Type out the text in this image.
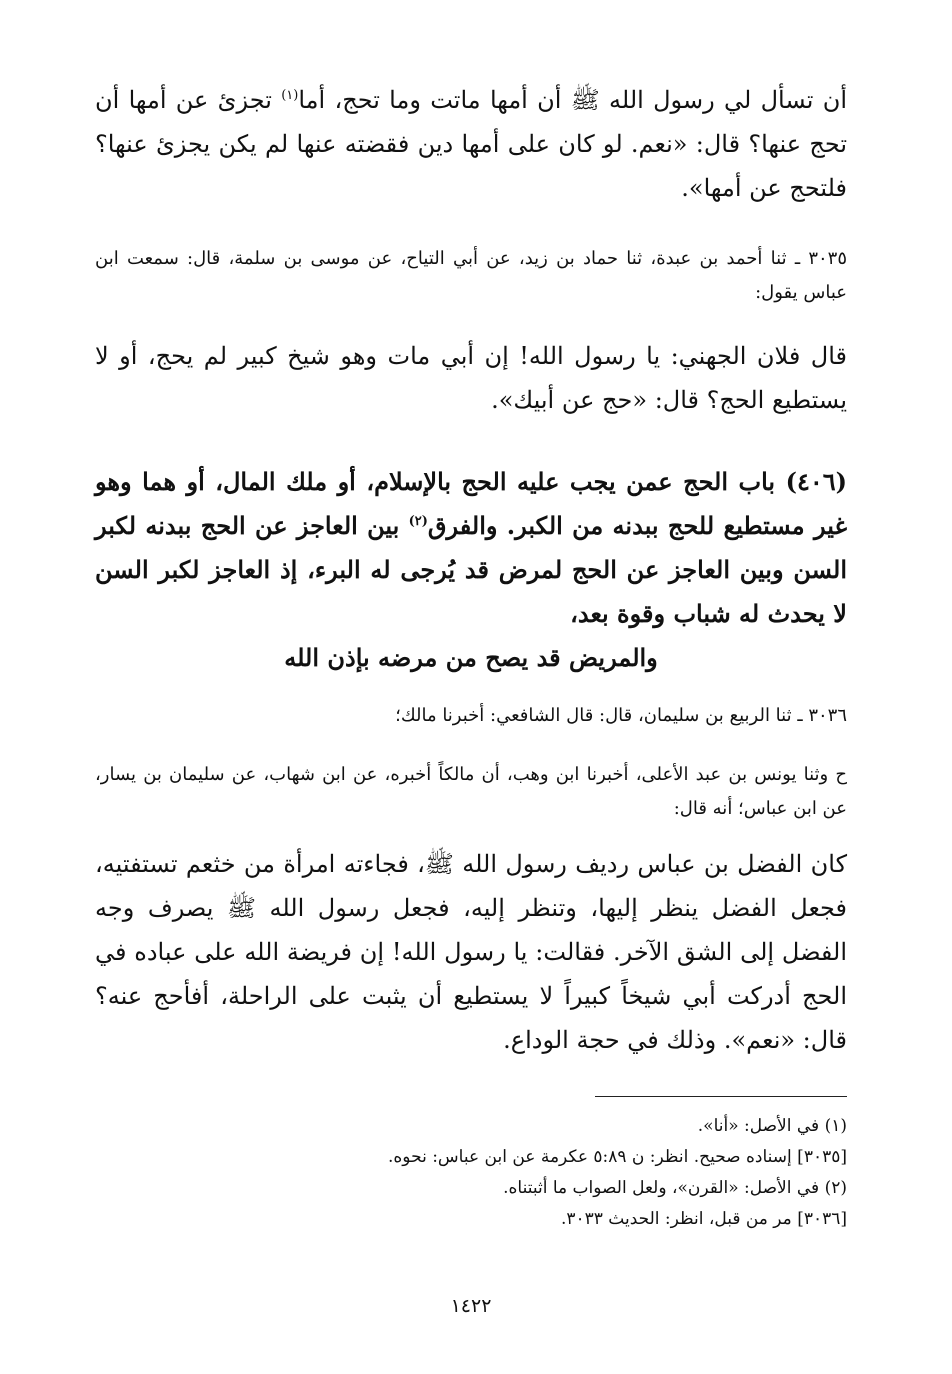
أن تسأل لي رسول الله ﷺ أن أمها ماتت وما تحج، أما$^{(١)}$ تجزئ عن أمها أن تحج عنها؟ قال: «نعم. لو كان على أمها دين فقضته عنها لم يكن يجزئ عنها؟ فلتحج عن أمها».
٣٠٣٥ ـ ثنا أحمد بن عبدة، ثنا حماد بن زيد، عن أبي التياح، عن موسى بن سلمة، قال: سمعت ابن عباس يقول:
قال فلان الجهني: يا رسول الله! إن أبي مات وهو شيخ كبير لم يحج، أو لا يستطيع الحج؟ قال: «حج عن أبيك».
(٤٠٦) باب الحج عمن يجب عليه الحج بالإسلام، أو ملك المال، أو هما وهو غير مستطيع للحج ببدنه من الكبر. والفرق$^{(٢)}$ بين العاجز عن الحج ببدنه لكبر السن وبين العاجز عن الحج لمرض قد يُرجى له البرء، إذ العاجز لكبر السن لا يحدث له شباب وقوة بعد،
والمريض قد يصح من مرضه بإذن الله
٣٠٣٦ ـ ثنا الربيع بن سليمان، قال: قال الشافعي: أخبرنا مالك؛
ح وثنا يونس بن عبد الأعلى، أخبرنا ابن وهب، أن مالكاً أخبره، عن ابن شهاب، عن سليمان بن يسار، عن ابن عباس؛ أنه قال:
كان الفضل بن عباس رديف رسول الله ﷺ، فجاءته امرأة من خثعم تستفتيه، فجعل الفضل ينظر إليها، وتنظر إليه، فجعل رسول الله ﷺ يصرف وجه الفضل إلى الشق الآخر. فقالت: يا رسول الله! إن فريضة الله على عباده في الحج أدركت أبي شيخاً كبيراً لا يستطيع أن يثبت على الراحلة، أفأحج عنه؟ قال: «نعم». وذلك في حجة الوداع.
(١) في الأصل: «أنا».
[٣٠٣٥] إسناده صحيح. انظر: ن ٥:٨٩ عكرمة عن ابن عباس: نحوه.
(٢) في الأصل: «القرن»، ولعل الصواب ما أثبتناه.
[٣٠٣٦] مر من قبل، انظر: الحديث ٣٠٣٣.
١٤٢٢
